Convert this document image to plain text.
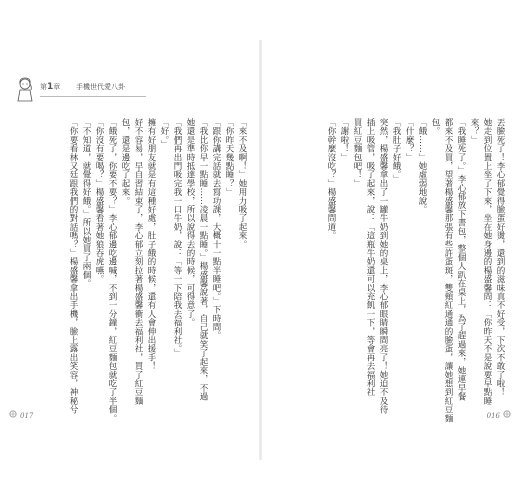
第1章 手機世代愛八卦
「來不及啊！」她用力吸了起來。
「你昨天幾點睡？」
「跟你講完話就去寫功課，大概十一點半睡吧。」下時間。
「我比你早一點睡……凌晨一點睡。」楊盛馨說著，自己就笑了起來，不過
她還是準時抵達學校，所以說得去的時候，可得意了。
「我們再出門吸完我一口牛奶，說：「等一下陪我去福利社。」
「好。」
擁有好朋友就是有這種好處，肚子餓的時候，還有人會伸出援手！
好不容易，早自習結束了，李心郁立刻拉著楊盛馨衝去福利社，買了紅豆麵
包，還是邊吃了起來。
「餓死了，你要不要？」李心郁邊吃邊喊，不到一分鐘，紅豆麵包就吃了半個。
「你沒有要喝？」楊盛馨看著她狼吞虎嚥。
「不知道，就覺得好餓。」所以她買了兩個。
「你要看林又廷跟我們的對話嗎？」楊盛馨拿出手機，臉上露出笑容，神秘兮
017
丟臉死了！李心郁覺得臉蛋好燙，還到的滋味真不好受，下次不敢了啦！
她走到位置上坐了下來，坐在她身邊的楊盛馨問：「你昨天不是說要早點睡
來？」
「我睡死了。」李心郁放下書包，整個人趴在桌上，為了趕過來，她連早餐
都來不及買，望著楊盛馨那張有些許蛋斑，雙頰紅通通的臉蛋，讓她想到紅豆麵
包。
「餓……」她虛弱地說。
「什麼？」
「我肚子好餓。」
突然，楊盛馨拿出了一罐牛奶到她的桌上，李心郁眼睛瞬間亮了！她迫不及待
插上吸管，吸了起來，說：「這瓶牛奶還可以充飢一下，等會再去福利社
買紅豆麵包吧！」
「謝啦！」
「你幹麼沒吃？」楊盛馨問道。
016
